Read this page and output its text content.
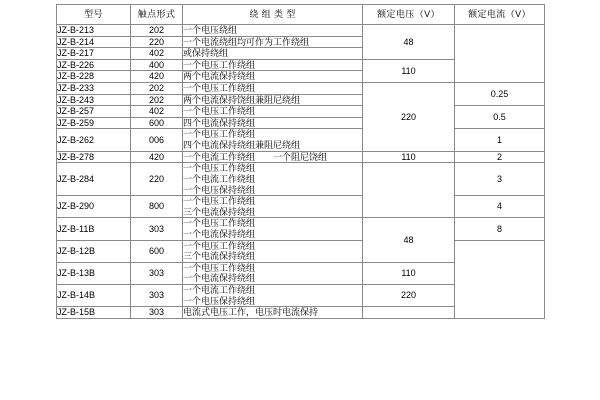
型号	触点形式	绕 组 类 型	额定电压（V）	额定电流（V）
JZ-B-213	202	一个电压绕组	48	
JZ-B-214	220	一个电流绕组均可作为工作绕组		

JZ-B-217	402	或保持绕组		

JZ-B-226	400	一个电压工作绕组	110	
JZ-B-228	420	两个电流保持绕组		

JZ-B-233	202	一个电压工作绕组	220	0.25
JZ-B-243	202	两个电流保持饶组兼阻尼绕组		

JZ-B-257	402	一个电压工作绕组		0.5
JZ-B-259	600	四个电流保持绕组		

JZ-B-262	006	一个电压工作绕组
四个电流保持绕组兼阻尼绕组		1
JZ-B-278	420	一个电流工作绕组　　一个阻尼饶组	110	2
JZ-B-284	220	一个电压工作绕组
一个电流工作绕组
一个电压保持绕组		3
JZ-B-290	800	一个电压工作绕组
三个电流保持绕组		4
JZ-B-11B	303	一个电压工作绕组
一个电流保持绕组	48	8
JZ-B-12B	600	一个电压工作绕组
三个电流保持绕组		

JZ-B-13B	303	一个电压工作绕组
一个电流保持绕组	110	
JZ-B-14B	303	一个电流工作绕组
一个电压保持绕组	220	
JZ-B-15B	303	电流式电压工作，电压时电流保持		
